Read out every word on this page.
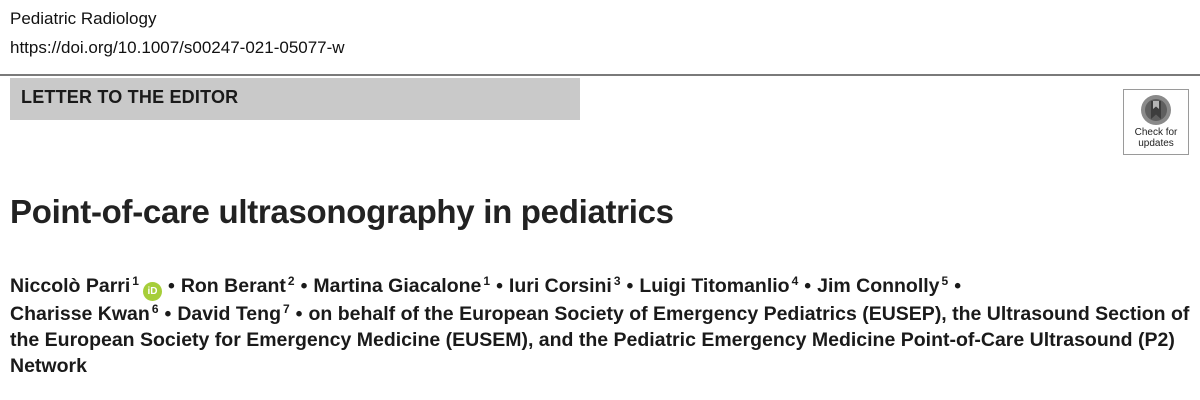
Pediatric Radiology
https://doi.org/10.1007/s00247-021-05077-w
LETTER TO THE EDITOR
Check for
updates
Point-of-care ultrasonography in pediatrics
Niccolò Parri $^1$iD • Ron Berant $^2$ • Martina Giacalone $^1$ • Iuri Corsini $^3$ • Luigi Titomanlio $^4$ • Jim Connolly $^5$ •
Charisse Kwan $^6$ • David Teng $^7$ • on behalf of the European Society of Emergency Pediatrics (EUSEP), the Ultrasound Section of the European Society for Emergency Medicine (EUSEM), and the Pediatric Emergency Medicine Point-of-Care Ultrasound (P2) Network
